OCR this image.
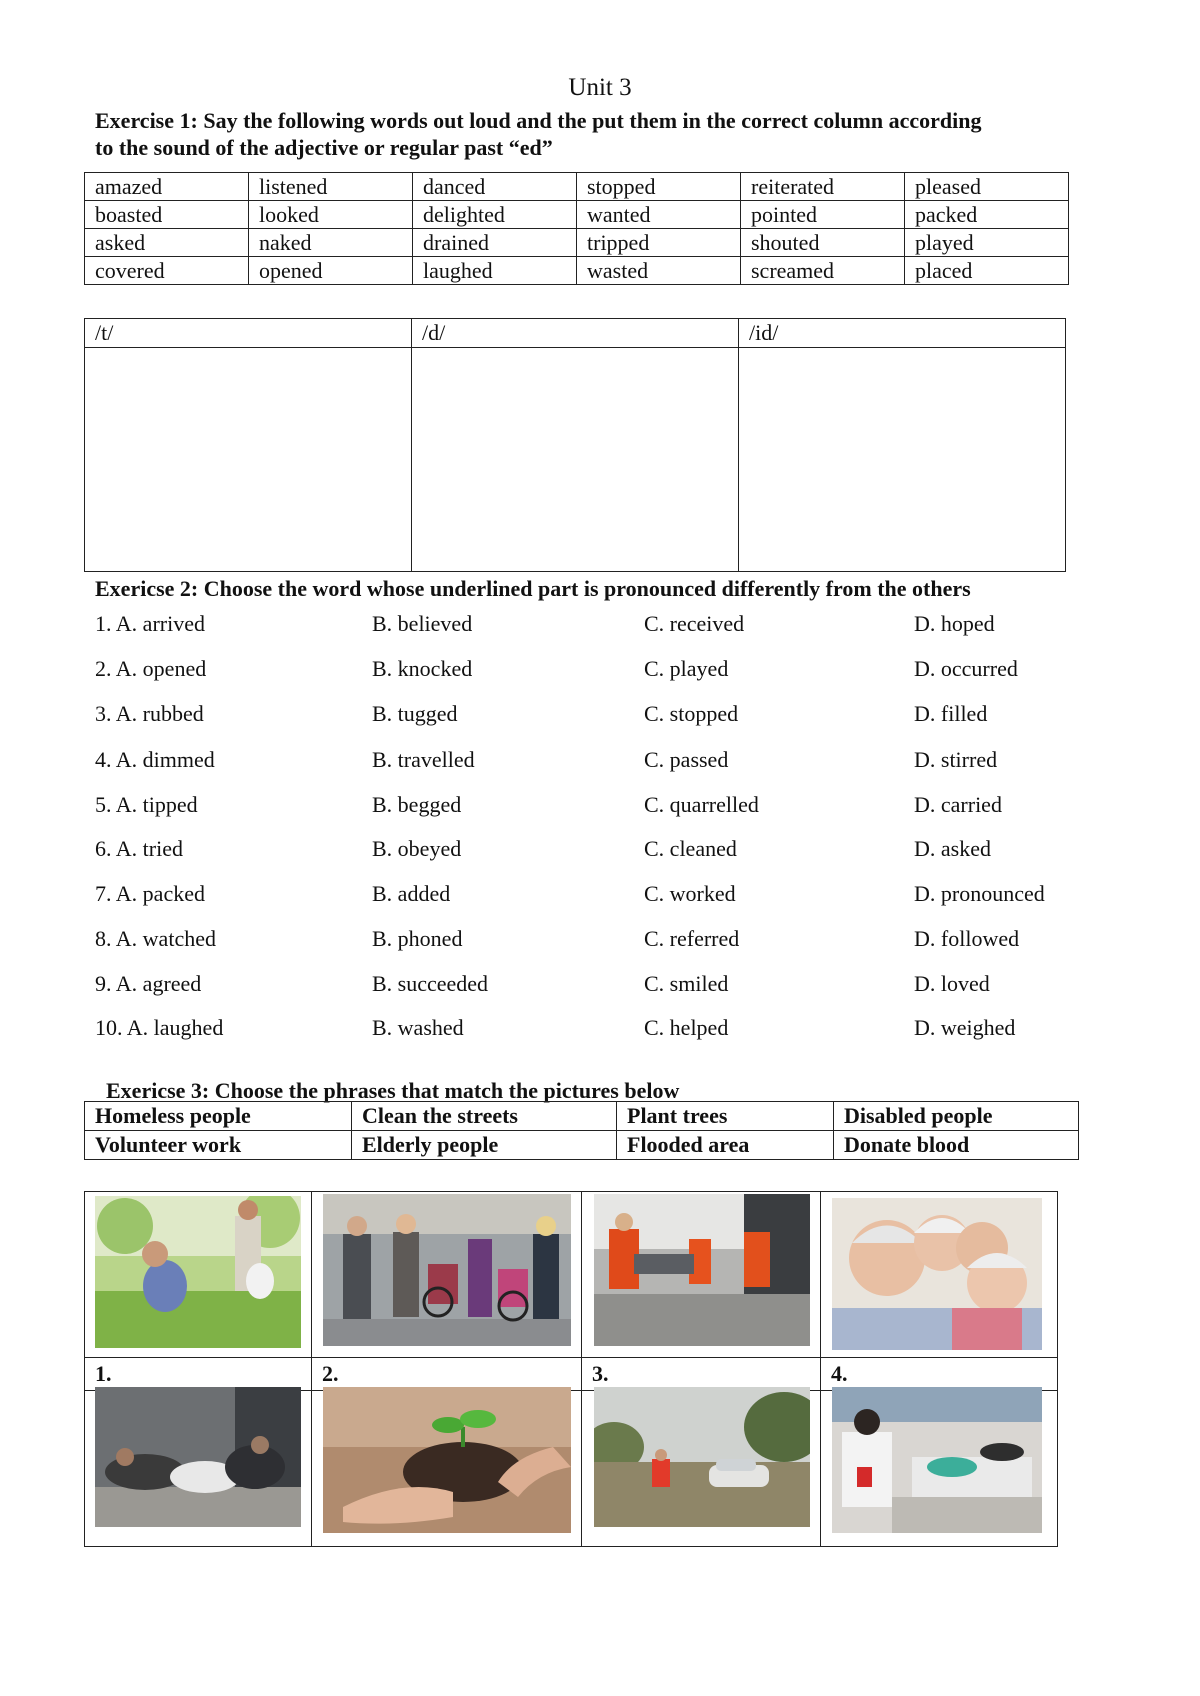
Unit 3
Exercise 1: Say the following words out loud and the put them in the correct column according
to the sound of the adjective or regular past “ed”
amazed	listened	danced	stopped	reiterated	pleased
boasted	looked	delighted	wanted	pointed	packed
asked	naked	drained	tripped	shouted	played
covered	opened	laughed	wasted	screamed	placed
/t/	/d/	/id/

Exericse 2: Choose the word whose underlined part is pronounced differently from the others
1. A. arrived	B. believed	C. received	D. hoped
2. A. opened	B. knocked	C. played	D. occurred
3. A. rubbed	B. tugged	C. stopped	D. filled
4. A. dimmed	B. travelled	C. passed	D. stirred
5. A. tipped	B. begged	C. quarrelled	D. carried
6. A. tried	B. obeyed	C. cleaned	D. asked
7. A. packed	B. added	C. worked	D. pronounced
8. A. watched	B. phoned	C. referred	D. followed
9. A. agreed	B. succeeded	C. smiled	D. loved
10. A. laughed	B. washed	C. helped	D. weighed
Exericse 3: Choose the phrases that match the pictures below
Homeless people	Clean the streets	Plant trees	Disabled people
Volunteer work	Elderly people	Flooded area	Donate blood

1.	2.	3.	4.
